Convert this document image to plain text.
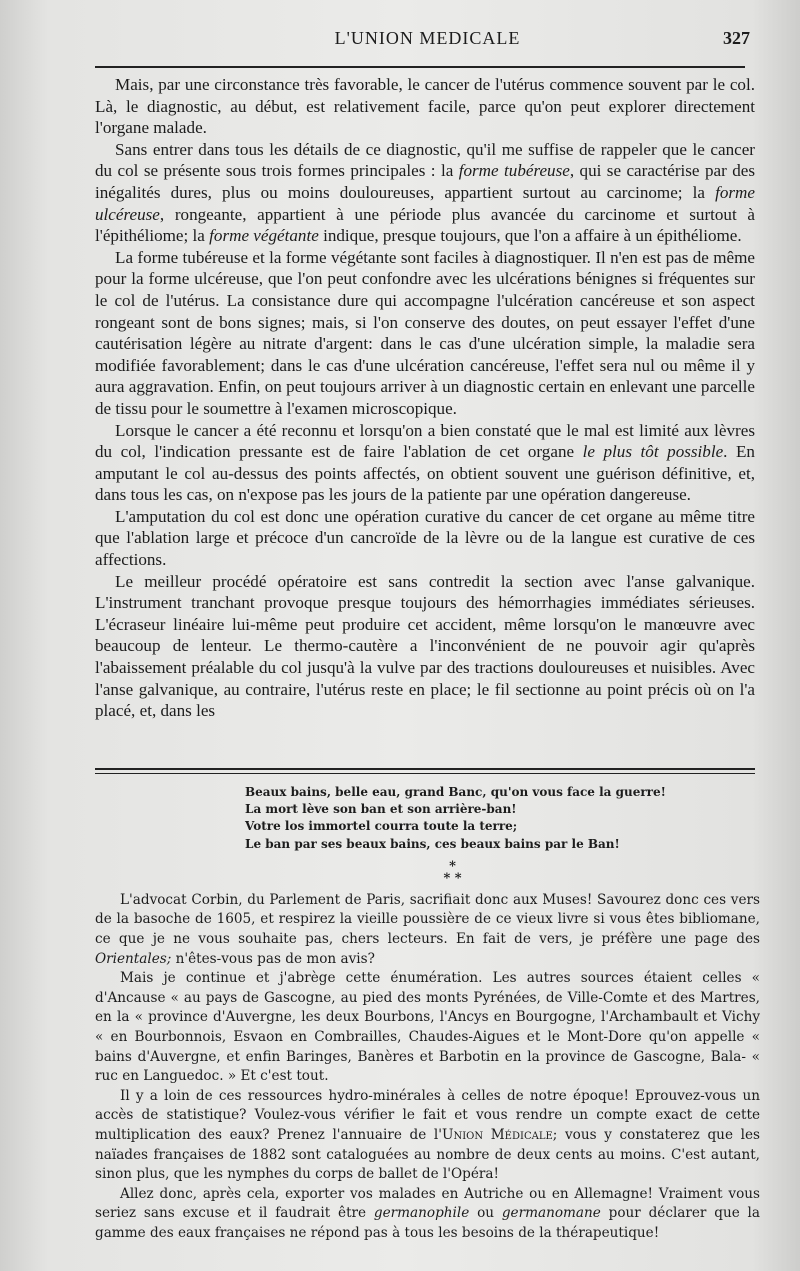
L'UNION MEDICALE	327

Mais, par une circonstance très favorable, le cancer de l'utérus commence souvent par le col. Là, le diagnostic, au début, est relativement facile, parce qu'on peut explorer directement l'organe malade.

Sans entrer dans tous les détails de ce diagnostic, qu'il me suffise de rappeler que le cancer du col se présente sous trois formes principales : la forme tubéreuse, qui se caractérise par des inégalités dures, plus ou moins douloureuses, appartient surtout au carcinome; la forme ulcéreuse, rongeante, appartient à une période plus avancée du carcinome et surtout à l'épithéliome; la forme végétante indique, presque toujours, que l'on a affaire à un épithéliome.

La forme tubéreuse et la forme végétante sont faciles à diagnostiquer. Il n'en est pas de même pour la forme ulcéreuse, que l'on peut confondre avec les ulcérations bénignes si fréquentes sur le col de l'utérus. La consistance dure qui accompagne l'ulcération cancéreuse et son aspect rongeant sont de bons signes; mais, si l'on conserve des doutes, on peut essayer l'effet d'une cautérisation légère au nitrate d'argent: dans le cas d'une ulcération simple, la maladie sera modifiée favorablement; dans le cas d'une ulcération cancéreuse, l'effet sera nul ou même il y aura aggravation. Enfin, on peut toujours arriver à un diagnostic certain en enlevant une parcelle de tissu pour le soumettre à l'examen microscopique.

Lorsque le cancer a été reconnu et lorsqu'on a bien constaté que le mal est limité aux lèvres du col, l'indication pressante est de faire l'ablation de cet organe le plus tôt possible. En amputant le col au-dessus des points affectés, on obtient souvent une guérison définitive, et, dans tous les cas, on n'expose pas les jours de la patiente par une opération dangereuse.

L'amputation du col est donc une opération curative du cancer de cet organe au même titre que l'ablation large et précoce d'un cancroïde de la lèvre ou de la langue est curative de ces affections.

Le meilleur procédé opératoire est sans contredit la section avec l'anse galvanique. L'instrument tranchant provoque presque toujours des hémorrhagies immédiates sérieuses. L'écraseur linéaire lui-même peut produire cet accident, même lorsqu'on le manœuvre avec beaucoup de lenteur. Le thermo-cautère a l'inconvénient de ne pouvoir agir qu'après l'abaissement préalable du col jusqu'à la vulve par des tractions douloureuses et nuisibles. Avec l'anse galvanique, au contraire, l'utérus reste en place; le fil sectionne au point précis où on l'a placé, et, dans les

Beaux bains, belle eau, grand Banc, qu'on vous face la guerre!
La mort lève son ban et son arrière-ban!
Votre los immortel courra toute la terre;
Le ban par ses beaux bains, ces beaux bains par le Ban!
*
* *

L'advocat Corbin, du Parlement de Paris, sacrifiait donc aux Muses! Savourez donc ces vers de la basoche de 1605, et respirez la vieille poussière de ce vieux livre si vous êtes bibliomane, ce que je ne vous souhaite pas, chers lecteurs. En fait de vers, je préfère une page des Orientales; n'êtes-vous pas de mon avis?

Mais je continue et j'abrège cette énumération. Les autres sources étaient celles « d'Ancause « au pays de Gascogne, au pied des monts Pyrénées, de Ville-Comte et des Martres, en la « province d'Auvergne, les deux Bourbons, l'Ancys en Bourgogne, l'Archambault et Vichy « en Bourbonnois, Esvaon en Combrailles, Chaudes-Aigues et le Mont-Dore qu'on appelle « bains d'Auvergne, et enfin Baringes, Banères et Barbotin en la province de Gascogne, Bala- « ruc en Languedoc. » Et c'est tout.

Il y a loin de ces ressources hydro-minérales à celles de notre époque! Eprouvez-vous un accès de statistique? Voulez-vous vérifier le fait et vous rendre un compte exact de cette multiplication des eaux? Prenez l'annuaire de l'Union Médicale; vous y constaterez que les naïades françaises de 1882 sont cataloguées au nombre de deux cents au moins. C'est autant, sinon plus, que les nymphes du corps de ballet de l'Opéra!

Allez donc, après cela, exporter vos malades en Autriche ou en Allemagne! Vraiment vous seriez sans excuse et il faudrait être germanophile ou germanomane pour déclarer que la gamme des eaux françaises ne répond pas à tous les besoins de la thérapeutique!
